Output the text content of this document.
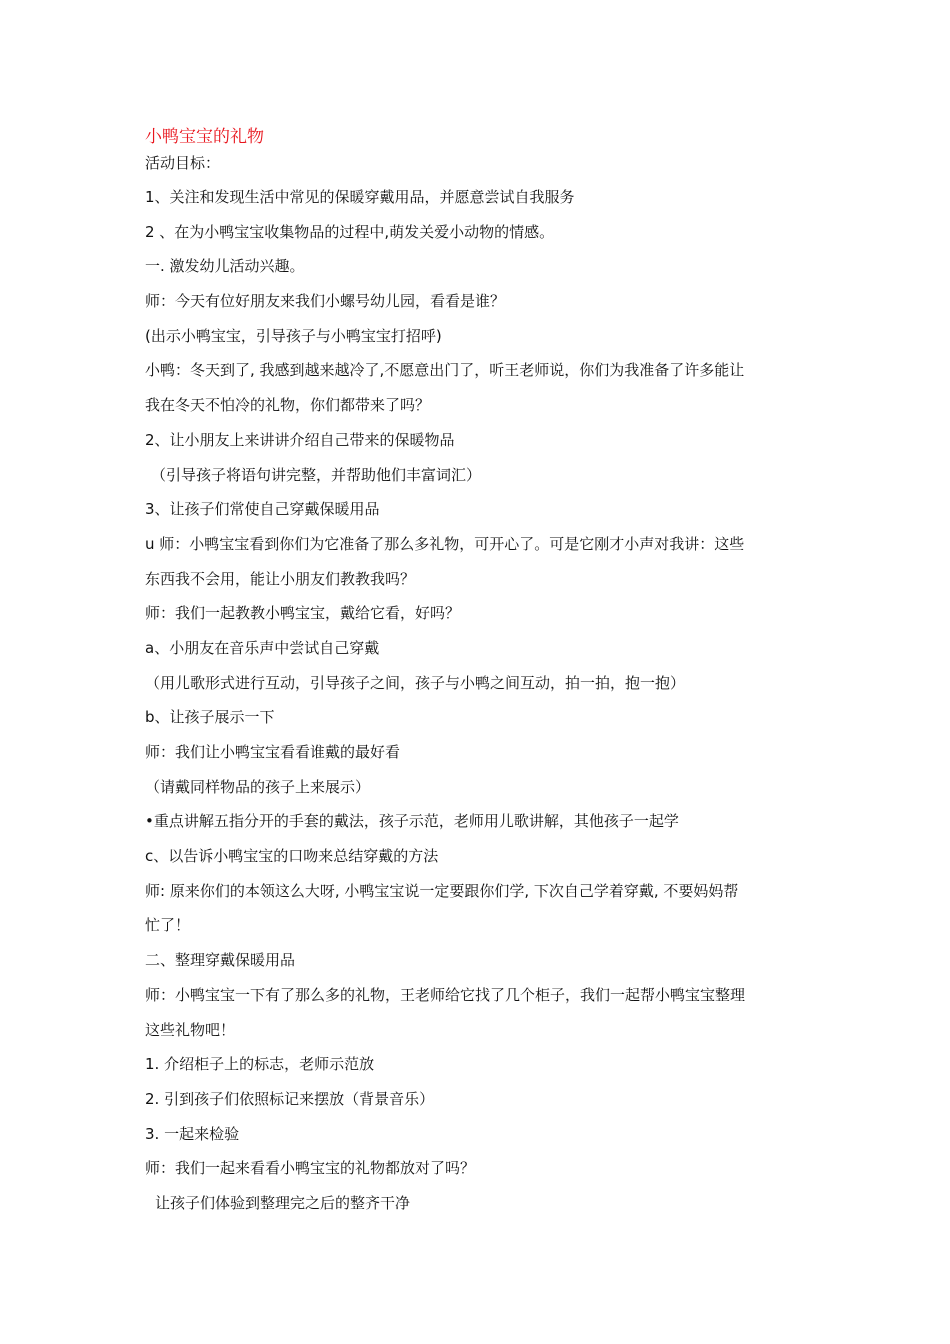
小鸭宝宝的礼物

活动目标：

1、关注和发现生活中常见的保暖穿戴用品，并愿意尝试自我服务

2 、在为小鸭宝宝收集物品的过程中,萌发关爱小动物的情感。

一. 激发幼儿活动兴趣。

师：今天有位好朋友来我们小螺号幼儿园，看看是谁？

(出示小鸭宝宝，引导孩子与小鸭宝宝打招呼)

小鸭：冬天到了, 我感到越来越冷了,不愿意出门了，听王老师说，你们为我准备了许多能让

我在冬天不怕冷的礼物，你们都带来了吗？

2、让小朋友上来讲讲介绍自己带来的保暖物品

（引导孩子将语句讲完整，并帮助他们丰富词汇）

3、让孩子们常使自己穿戴保暖用品

u 师：小鸭宝宝看到你们为它准备了那么多礼物，可开心了。可是它刚才小声对我讲：这些

东西我不会用，能让小朋友们教教我吗？

师：我们一起教教小鸭宝宝，戴给它看，好吗？

a、小朋友在音乐声中尝试自己穿戴

（用儿歌形式进行互动，引导孩子之间，孩子与小鸭之间互动，拍一拍，抱一抱）

b、让孩子展示一下

师：我们让小鸭宝宝看看谁戴的最好看

（请戴同样物品的孩子上来展示）

•重点讲解五指分开的手套的戴法，孩子示范，老师用儿歌讲解，其他孩子一起学

c、以告诉小鸭宝宝的口吻来总结穿戴的方法

师: 原来你们的本领这么大呀, 小鸭宝宝说一定要跟你们学, 下次自己学着穿戴, 不要妈妈帮

忙了！

二、整理穿戴保暖用品

师：小鸭宝宝一下有了那么多的礼物，王老师给它找了几个柜子，我们一起帮小鸭宝宝整理

这些礼物吧！

1. 介绍柜子上的标志，老师示范放

2. 引到孩子们依照标记来摆放（背景音乐）

3. 一起来检验

师：我们一起来看看小鸭宝宝的礼物都放对了吗？

让孩子们体验到整理完之后的整齐干净
